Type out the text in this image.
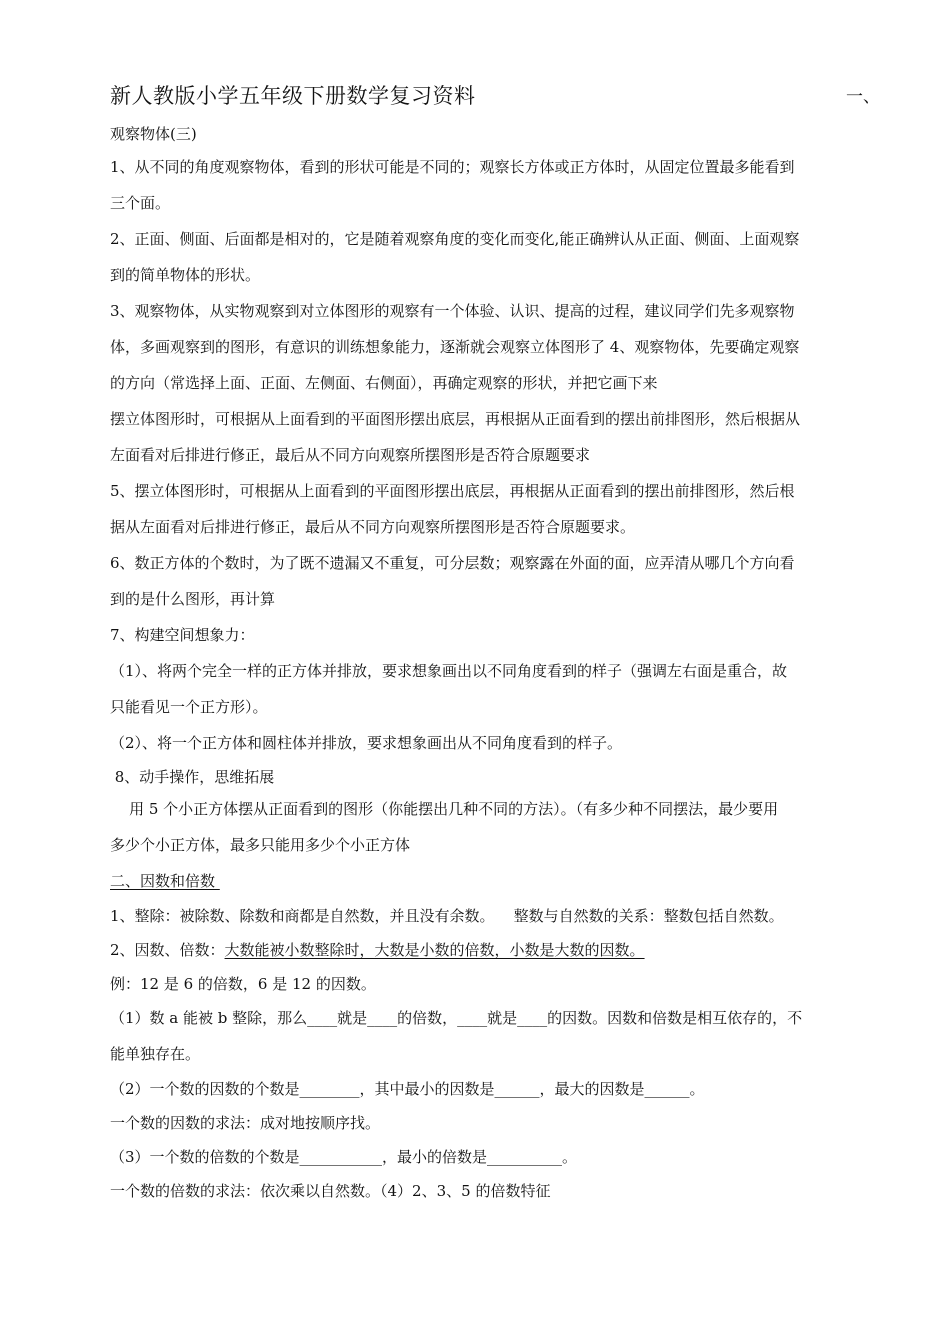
新人教版小学五年级下册数学复习资料	一、
观察物体(三)
1、从不同的角度观察物体，看到的形状可能是不同的；观察长方体或正方体时，从固定位置最多能看到
三个面。
2、正面、侧面、后面都是相对的，它是随着观察角度的变化而变化,能正确辨认从正面、侧面、上面观察
到的简单物体的形状。
3、观察物体，从实物观察到对立体图形的观察有一个体验、认识、提高的过程，建议同学们先多观察物
体，多画观察到的图形，有意识的训练想象能力，逐渐就会观察立体图形了 4、观察物体，先要确定观察
的方向（常选择上面、正面、左侧面、右侧面），再确定观察的形状，并把它画下来
摆立体图形时，可根据从上面看到的平面图形摆出底层，再根据从正面看到的摆出前排图形，然后根据从
左面看对后排进行修正，最后从不同方向观察所摆图形是否符合原题要求
5、摆立体图形时，可根据从上面看到的平面图形摆出底层，再根据从正面看到的摆出前排图形，然后根
据从左面看对后排进行修正，最后从不同方向观察所摆图形是否符合原题要求。
6、数正方体的个数时，为了既不遗漏又不重复，可分层数；观察露在外面的面，应弄清从哪几个方向看
到的是什么图形，再计算
7、构建空间想象力：
（1）、将两个完全一样的正方体并排放，要求想象画出以不同角度看到的样子（强调左右面是重合，故
只能看见一个正方形）。
（2）、将一个正方体和圆柱体并排放，要求想象画出从不同角度看到的样子。
8、动手操作，思维拓展
用 5 个小正方体摆从正面看到的图形（你能摆出几种不同的方法）。（有多少种不同摆法，最少要用
多少个小正方体，最多只能用多少个小正方体
二、因数和倍数
1、整除：被除数、除数和商都是自然数，并且没有余数。    整数与自然数的关系：整数包括自然数。
2、因数、倍数：大数能被小数整除时，大数是小数的倍数，小数是大数的因数。
例：12 是 6 的倍数，6 是 12 的因数。
（1）数 a 能被 b 整除，那么____就是____的倍数，____就是____的因数。因数和倍数是相互依存的，不
能单独存在。
（2）一个数的因数的个数是________，其中最小的因数是______，最大的因数是______。
一个数的因数的求法：成对地按顺序找。
（3）一个数的倍数的个数是___________，最小的倍数是__________。
一个数的倍数的求法：依次乘以自然数。（4）2、3、5 的倍数特征
